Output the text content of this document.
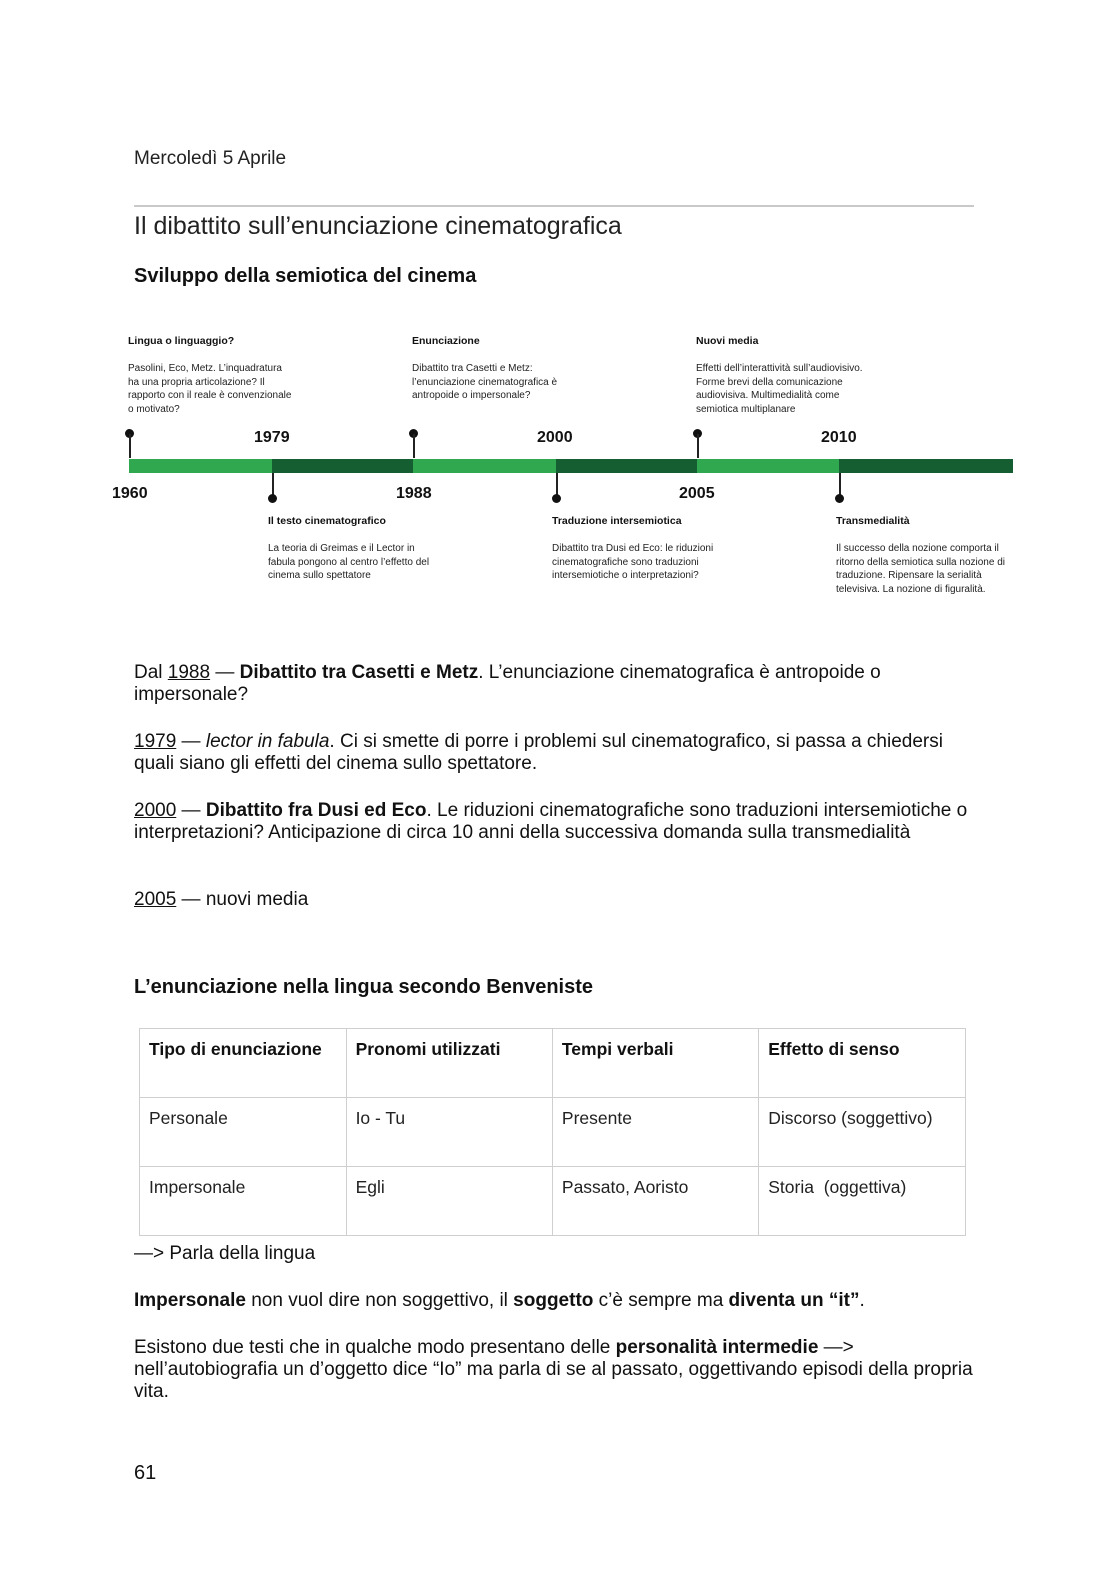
Mercoledì 5 Aprile
Il dibattito sull’enunciazione cinematografica
Sviluppo della semiotica del cinema
Lingua o linguaggio?
Pasolini, Eco, Metz. L’inquadratura ha una propria articolazione? Il rapporto con il reale è convenzionale o motivato?
Enunciazione
Dibattito tra Casetti e Metz: l’enunciazione cinematografica è antropoide o impersonale?
Nuovi media
Effetti dell’interattività sull’audiovisivo. Forme brevi della comunicazione audiovisiva. Multimedialità come semiotica multiplanare
1979	2000	2010
1960	1988	2005
Il testo cinematografico
La teoria di Greimas e il Lector in fabula pongono al centro l’effetto del cinema sullo spettatore
Traduzione intersemiotica
Dibattito tra Dusi ed Eco: le riduzioni cinematografiche sono traduzioni intersemiotiche o interpretazioni?
Transmedialità
Il successo della nozione comporta il ritorno della semiotica sulla nozione di traduzione. Ripensare la serialità televisiva. La nozione di figuralità.
Dal 1988 — Dibattito tra Casetti e Metz. L’enunciazione cinematografica è antropoide o impersonale?
1979 — lector in fabula. Ci si smette di porre i problemi sul cinematografico, si passa a chiedersi quali siano gli effetti del cinema sullo spettatore.
2000 — Dibattito fra Dusi ed Eco. Le riduzioni cinematografiche sono traduzioni intersemiotiche o interpretazioni? Anticipazione di circa 10 anni della successiva domanda sulla transmedialità
2005 — nuovi media
L’enunciazione nella lingua secondo Benveniste
Tipo di enunciazione	Pronomi utilizzati	Tempi verbali	Effetto di senso
Personale	Io - Tu	Presente	Discorso (soggettivo)
Impersonale	Egli	Passato, Aoristo	Storia  (oggettiva)
—> Parla della lingua
Impersonale non vuol dire non soggettivo, il soggetto c’è sempre ma diventa un “it”.
Esistono due testi che in qualche modo presentano delle personalità intermedie —> nell’autobiografia un d’oggetto dice “Io” ma parla di se al passato, oggettivando episodi della propria vita.
61
